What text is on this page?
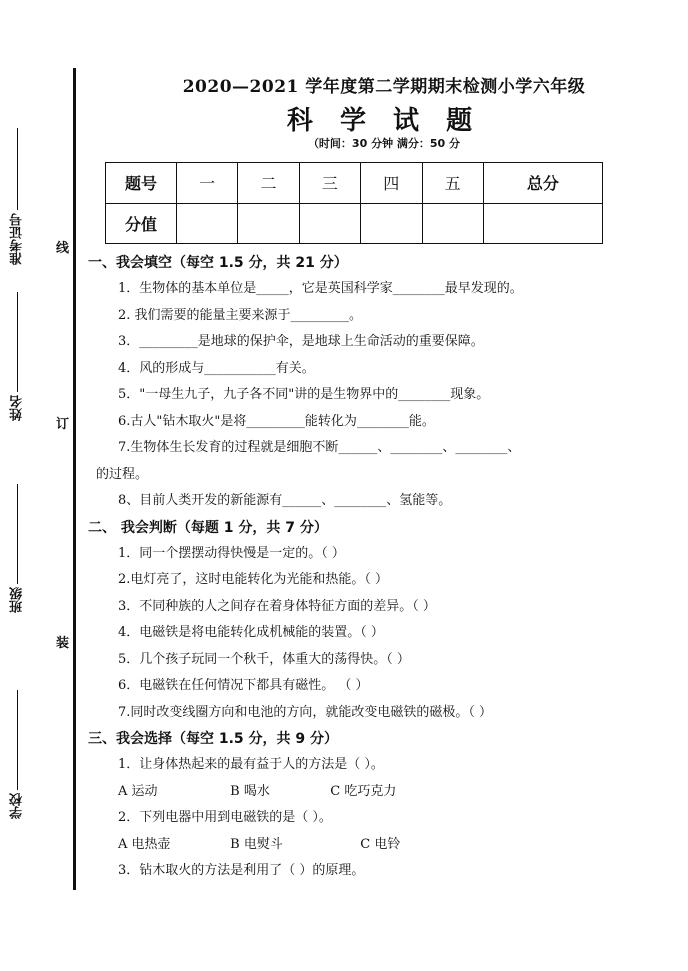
准考证号
姓名
班级
学校
线
订
装
2020—2021 学年度第二学期期末检测小学六年级
科 学 试 题
（时间：30 分钟 满分：50 分
题号	一	二	三	四	五	总分
分值						
一、我会填空（每空 1.5 分，共 21 分）
1．生物体的基本单位是_____，它是英国科学家________最早发现的。
2. 我们需要的能量主要来源于_________。
3．_________是地球的保护伞，是地球上生命活动的重要保障。
4．风的形成与___________有关。
5．"一母生九子，九子各不同"讲的是生物界中的________现象。
6.古人"钻木取火"是将_________能转化为________能。
7.生物体生长发育的过程就是细胞不断______、________、________、
的过程。
8、目前人类开发的新能源有______、________、氢能等。
二、 我会判断（每题 1 分，共 7 分）
1．同一个摆摆动得快慢是一定的。（ ）
2.电灯亮了，这时电能转化为光能和热能。（ ）
3．不同种族的人之间存在着身体特征方面的差异。（ ）
4．电磁铁是将电能转化成机械能的装置。（ ）
5．几个孩子玩同一个秋千，体重大的荡得快。（ ）
6．电磁铁在任何情况下都具有磁性。 （ ）
7.同时改变线圈方向和电池的方向，就能改变电磁铁的磁极。（ ）
三、我会选择（每空 1.5 分，共 9 分）
1．让身体热起来的最有益于人的方法是（ ）。
A 运动	B 喝水	C 吃巧克力
2．下列电器中用到电磁铁的是（ ）。
A 电热壶	B 电熨斗	C 电铃
3．钻木取火的方法是利用了（ ）的原理。
